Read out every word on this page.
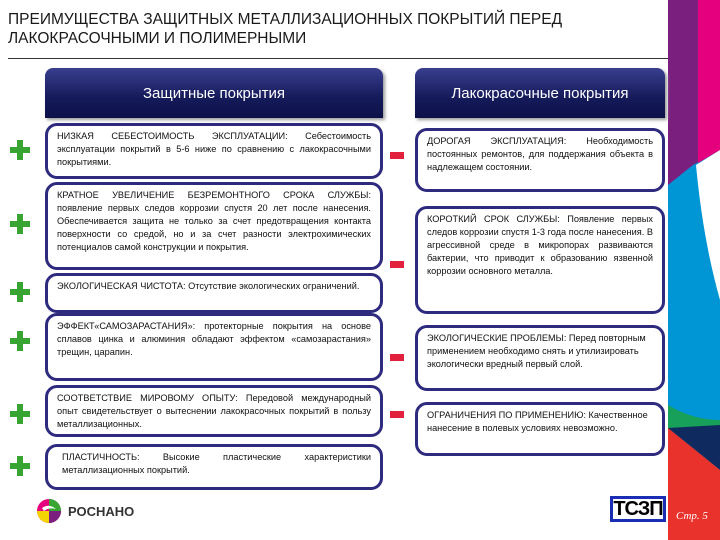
ПРЕИМУЩЕСТВА ЗАЩИТНЫХ МЕТАЛЛИЗАЦИОННЫХ ПОКРЫТИЙ ПЕРЕД ЛАКОКРАСОЧНЫМИ И ПОЛИМЕРНЫМИ
Защитные покрытия	Лакокрасочные покрытия
НИЗКАЯ СЕБЕСТОИМОСТЬ ЭКСПЛУАТАЦИИ: Себестоимость эксплуатации покрытий в 5-6 ниже по сравнению с лакокрасочными покрытиями.
КРАТНОЕ УВЕЛИЧЕНИЕ БЕЗРЕМОНТНОГО СРОКА СЛУЖБЫ: появление первых следов коррозии спустя 20 лет после нанесения. Обеспечивается защита не только за счет предотвращения контакта поверхности со средой, но и за счет разности электрохимических потенциалов самой конструкции и покрытия.
ЭКОЛОГИЧЕСКАЯ ЧИСТОТА: Отсутствие экологических ограничений.
ЭФФЕКТ«САМОЗАРАСТАНИЯ»: протекторные покрытия на основе сплавов цинка и алюминия обладают эффектом «самозарастания» трещин, царапин.
СООТВЕТСТВИЕ МИРОВОМУ ОПЫТУ: Передовой международный опыт свидетельствует о вытеснении лакокрасочных покрытий в пользу металлизационных.
ПЛАСТИЧНОСТЬ: Высокие пластические характеристики металлизационных покрытий.
ДОРОГАЯ ЭКСПЛУАТАЦИЯ: Необходимость постоянных ремонтов, для поддержания объекта в надлежащем состоянии.
КОРОТКИЙ СРОК СЛУЖБЫ: Появление первых следов коррозии спустя 1-3 года после нанесения. В агрессивной среде в микропорах развиваются бактерии, что приводит к образованию язвенной коррозии основного металла.
ЭКОЛОГИЧЕСКИЕ ПРОБЛЕМЫ: Перед повторным применением необходимо снять и утилизировать экологически вредный первый слой.
ОГРАНИЧЕНИЯ ПО ПРИМЕНЕНИЮ: Качественное нанесение в полевых условиях невозможно.
РОСНАНО	ТСЗП	Стр. 5
